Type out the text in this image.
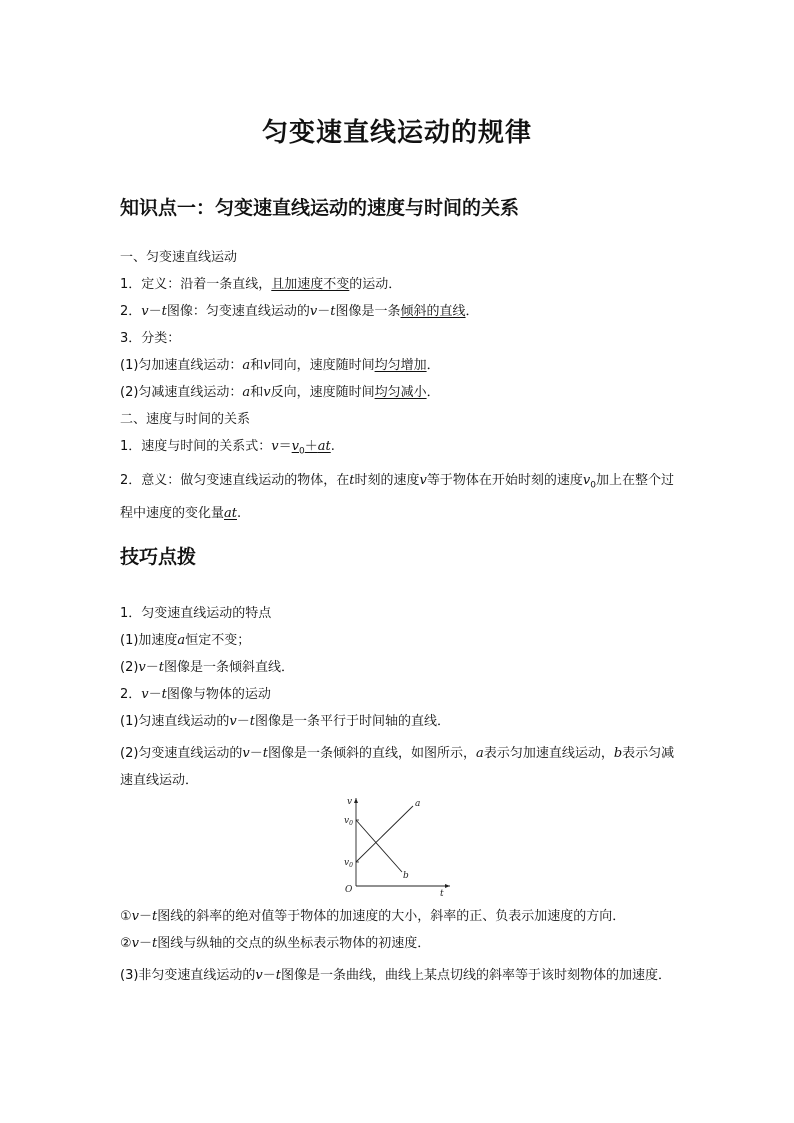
匀变速直线运动的规律
知识点一：匀变速直线运动的速度与时间的关系
一、匀变速直线运动
1．定义：沿着一条直线，且加速度不变的运动．
2．v－t图像：匀变速直线运动的v－t图像是一条倾斜的直线．
3．分类：
(1)匀加速直线运动：a和v同向，速度随时间均匀增加．
(2)匀减速直线运动：a和v反向，速度随时间均匀减小．
二、速度与时间的关系
1．速度与时间的关系式：$v=v_0+at$.
2．意义：做匀变速直线运动的物体，在t时刻的速度v等于物体在开始时刻的速度$v_0$加上在整个过程中速度的变化量at.
技巧点拨
1．匀变速直线运动的特点
(1)加速度a恒定不变；
(2)v－t图像是一条倾斜直线．
2．v－t图像与物体的运动
(1)匀速直线运动的v－t图像是一条平行于时间轴的直线．
(2)匀变速直线运动的v－t图像是一条倾斜的直线，如图所示，a表示匀加速直线运动，b表示匀减速直线运动．
v
t
O
a
b
$v_0$
$v_0$
①v－t图线的斜率的绝对值等于物体的加速度的大小，斜率的正、负表示加速度的方向．
②v－t图线与纵轴的交点的纵坐标表示物体的初速度．
(3)非匀变速直线运动的v－t图像是一条曲线，曲线上某点切线的斜率等于该时刻物体的加速度．
